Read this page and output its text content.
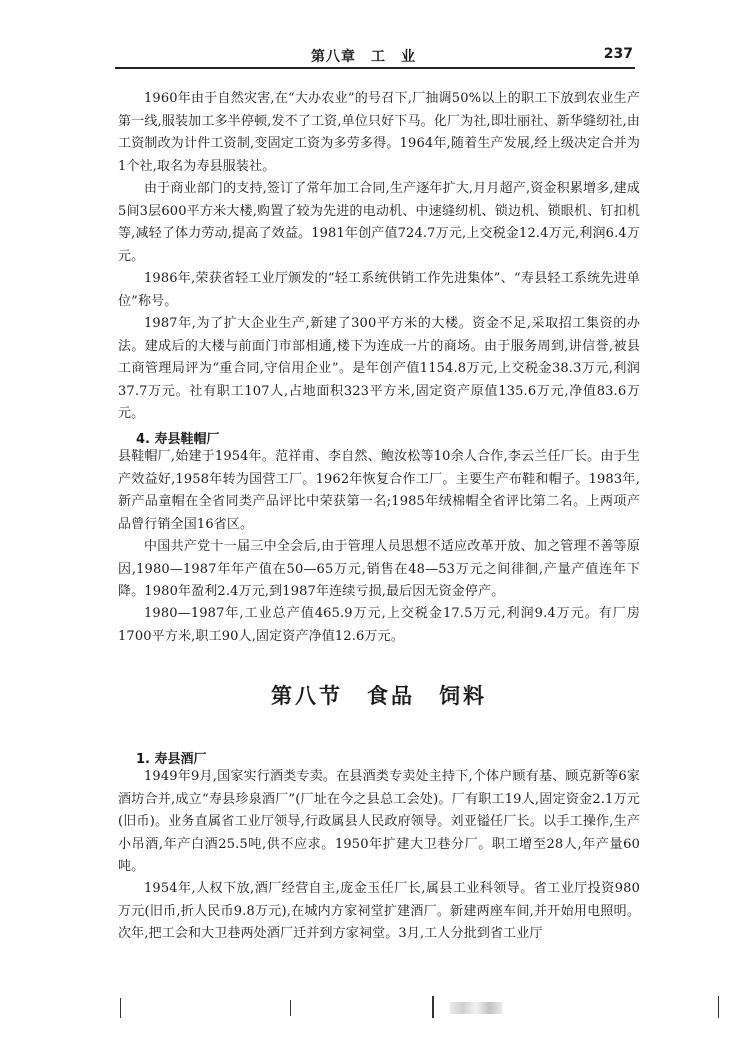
第八章　工　业	237
1960年由于自然灾害,在“大办农业”的号召下,厂抽调50%以上的职工下放到农业生产第一线,服装加工多半停顿,发不了工资,单位只好下马。化厂为社,即壮丽社、新华缝纫社,由工资制改为计件工资制,变固定工资为多劳多得。1964年,随着生产发展,经上级决定合并为1个社,取名为寿县服装社。
由于商业部门的支持,签订了常年加工合同,生产逐年扩大,月月超产,资金积累增多,建成5间3层600平方米大楼,购置了较为先进的电动机、中速缝纫机、锁边机、锁眼机、钉扣机等,减轻了体力劳动,提高了效益。1981年创产值724.7万元,上交税金12.4万元,利润6.4万元。
1986年,荣获省轻工业厅颁发的“轻工系统供销工作先进集体”、“寿县轻工系统先进单位”称号。
1987年,为了扩大企业生产,新建了300平方米的大楼。资金不足,采取招工集资的办法。建成后的大楼与前面门市部相通,楼下为连成一片的商场。由于服务周到,讲信誉,被县工商管理局评为“重合同,守信用企业”。是年创产值1154.8万元,上交税金38.3万元,利润37.7万元。社有职工107人,占地面积323平方米,固定资产原值135.6万元,净值83.6万元。
4. 寿县鞋帽厂
县鞋帽厂,始建于1954年。范祥甫、李自然、鲍汝松等10余人合作,李云兰任厂长。由于生产效益好,1958年转为国营工厂。1962年恢复合作工厂。主要生产布鞋和帽子。1983年,新产品童帽在全省同类产品评比中荣获第一名;1985年绒棉帽全省评比第二名。上两项产品曾行销全国16省区。
中国共产党十一届三中全会后,由于管理人员思想不适应改革开放、加之管理不善等原因,1980—1987年年产值在50—65万元,销售在48—53万元之间徘徊,产量产值连年下降。1980年盈利2.4万元,到1987年连续亏损,最后因无资金停产。
1980—1987年,工业总产值465.9万元,上交税金17.5万元,利润9.4万元。有厂房1700平方米,职工90人,固定资产净值12.6万元。
第八节　食品　饲料
1. 寿县酒厂
1949年9月,国家实行酒类专卖。在县酒类专卖处主持下,个体户顾有基、顾克新等6家酒坊合并,成立“寿县珍泉酒厂”(厂址在今之县总工会处)。厂有职工19人,固定资金2.1万元(旧币)。业务直属省工业厅领导,行政属县人民政府领导。刘亚镒任厂长。以手工操作,生产小吊酒,年产白酒25.5吨,供不应求。1950年扩建大卫巷分厂。职工增至28人,年产量60吨。
1954年,人权下放,酒厂经营自主,庞金玉任厂长,属县工业科领导。省工业厅投资980万元(旧币,折人民币9.8万元),在城内方家祠堂扩建酒厂。新建两座车间,并开始用电照明。次年,把工会和大卫巷两处酒厂迁并到方家祠堂。3月,工人分批到省工业厅
